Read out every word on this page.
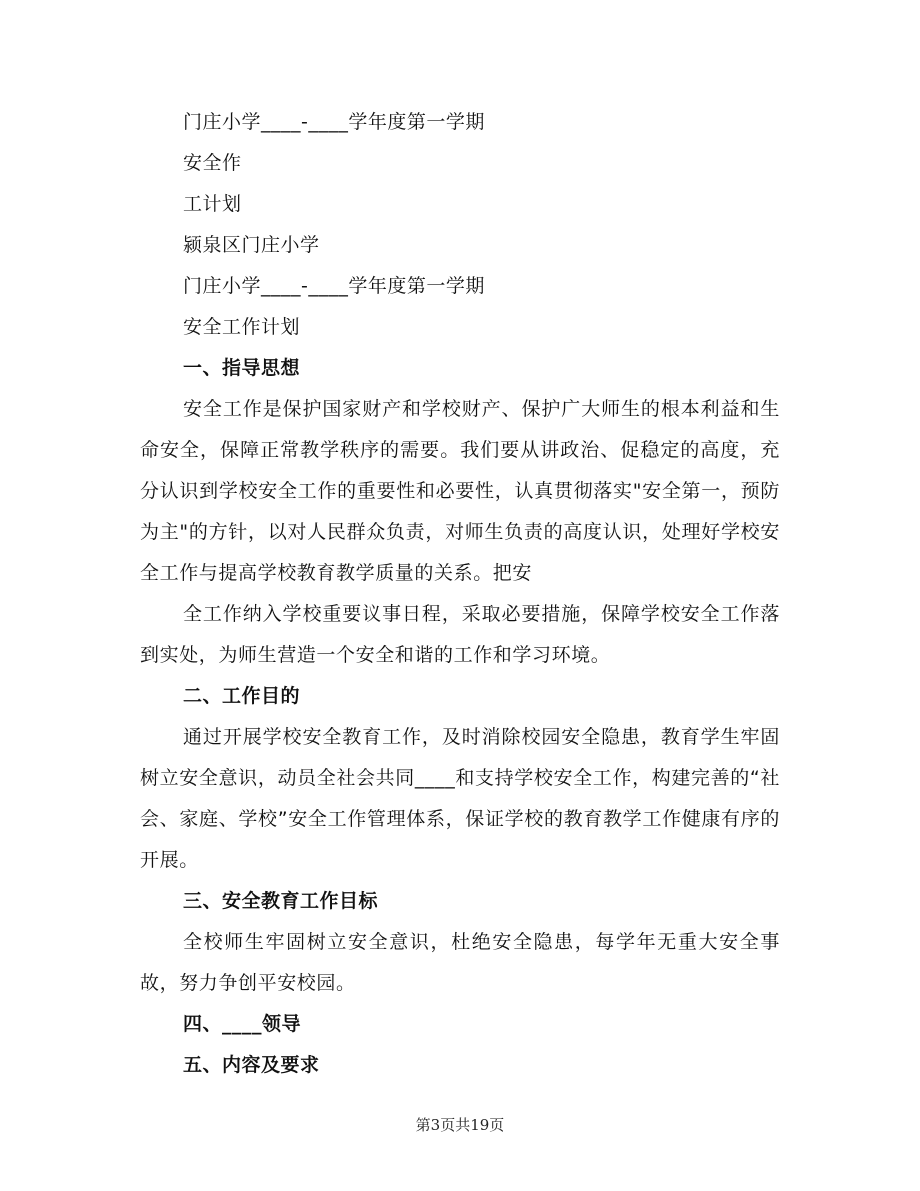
门庄小学____-____学年度第一学期
安全作
工计划
颍泉区门庄小学
门庄小学____-____学年度第一学期
安全工作计划
一、指导思想
安全工作是保护国家财产和学校财产、保护广大师生的根本利益和生命安全，保障正常教学秩序的需要。我们要从讲政治、促稳定的高度，充分认识到学校安全工作的重要性和必要性，认真贯彻落实"安全第一，预防为主"的方针，以对人民群众负责，对师生负责的高度认识，处理好学校安全工作与提高学校教育教学质量的关系。把安
全工作纳入学校重要议事日程，采取必要措施，保障学校安全工作落到实处，为师生营造一个安全和谐的工作和学习环境。
二、工作目的
通过开展学校安全教育工作，及时消除校园安全隐患，教育学生牢固树立安全意识，动员全社会共同____和支持学校安全工作，构建完善的“社会、家庭、学校”安全工作管理体系，保证学校的教育教学工作健康有序的开展。
三、安全教育工作目标
全校师生牢固树立安全意识，杜绝安全隐患，每学年无重大安全事故，努力争创平安校园。
四、____领导
五、内容及要求
第3页共19页
